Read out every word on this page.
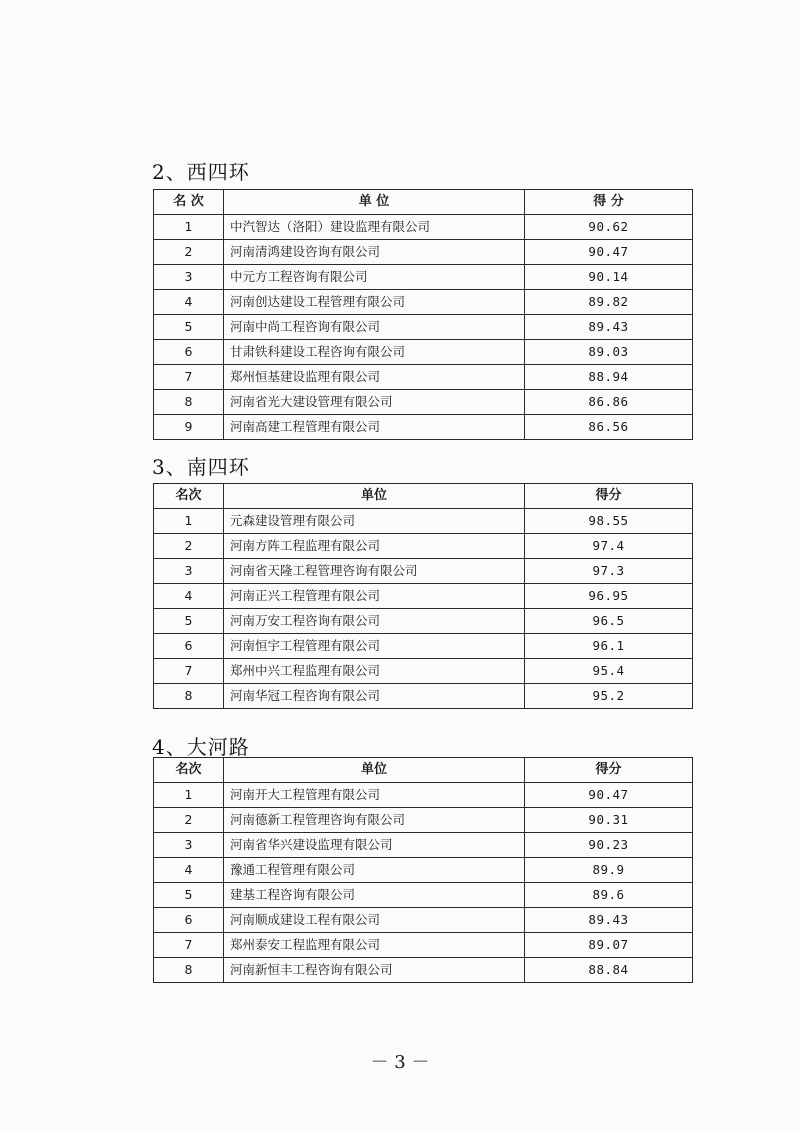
2、西四环
名 次	单 位	得 分
1	中汽智达（洛阳）建设监理有限公司	90.62
2	河南清鸿建设咨询有限公司	90.47
3	中元方工程咨询有限公司	90.14
4	河南创达建设工程管理有限公司	89.82
5	河南中尚工程咨询有限公司	89.43
6	甘肃铁科建设工程咨询有限公司	89.03
7	郑州恒基建设监理有限公司	88.94
8	河南省光大建设管理有限公司	86.86
9	河南高建工程管理有限公司	86.56
3、南四环
名次	单位	得分
1	元森建设管理有限公司	98.55
2	河南方阵工程监理有限公司	97.4
3	河南省天隆工程管理咨询有限公司	97.3
4	河南正兴工程管理有限公司	96.95
5	河南万安工程咨询有限公司	96.5
6	河南恒宇工程管理有限公司	96.1
7	郑州中兴工程监理有限公司	95.4
8	河南华冠工程咨询有限公司	95.2
4、大河路
名次	单位	得分
1	河南开大工程管理有限公司	90.47
2	河南德新工程管理咨询有限公司	90.31
3	河南省华兴建设监理有限公司	90.23
4	豫通工程管理有限公司	89.9
5	建基工程咨询有限公司	89.6
6	河南顺成建设工程有限公司	89.43
7	郑州泰安工程监理有限公司	89.07
8	河南新恒丰工程咨询有限公司	88.84
－ 3 －
